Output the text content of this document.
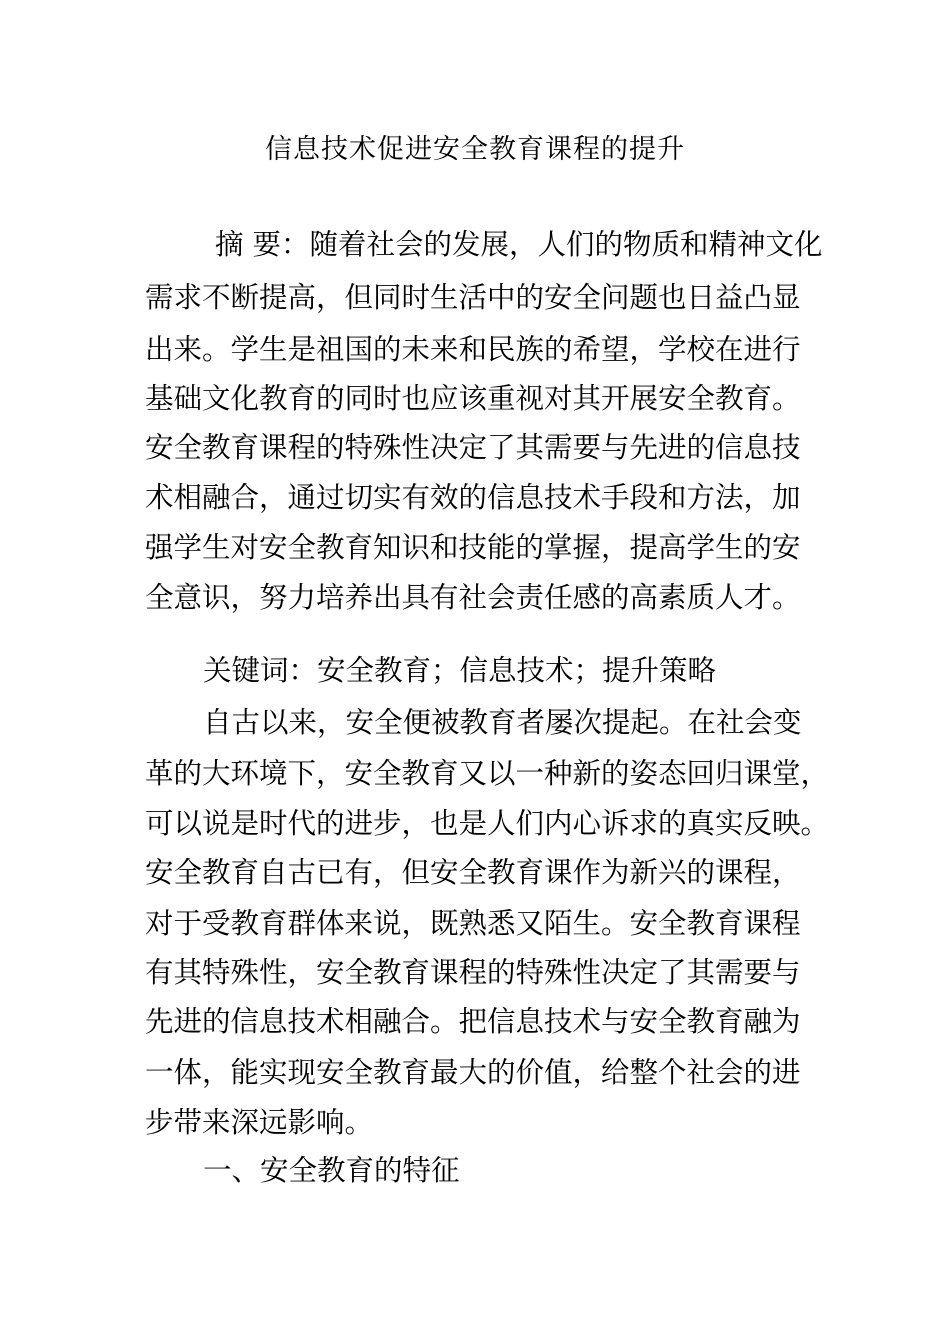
信息技术促进安全教育课程的提升
摘 要：随着社会的发展，人们的物质和精神文化
需求不断提高，但同时生活中的安全问题也日益凸显
出来。学生是祖国的未来和民族的希望，学校在进行
基础文化教育的同时也应该重视对其开展安全教育。
安全教育课程的特殊性决定了其需要与先进的信息技
术相融合，通过切实有效的信息技术手段和方法，加
强学生对安全教育知识和技能的掌握，提高学生的安
全意识，努力培养出具有社会责任感的高素质人才。
关键词：安全教育；信息技术；提升策略
自古以来，安全便被教育者屡次提起。在社会变
革的大环境下，安全教育又以一种新的姿态回归课堂，
可以说是时代的进步，也是人们内心诉求的真实反映。
安全教育自古已有，但安全教育课作为新兴的课程，
对于受教育群体来说，既熟悉又陌生。安全教育课程
有其特殊性，安全教育课程的特殊性决定了其需要与
先进的信息技术相融合。把信息技术与安全教育融为
一体，能实现安全教育最大的价值，给整个社会的进
步带来深远影响。
一、安全教育的特征
